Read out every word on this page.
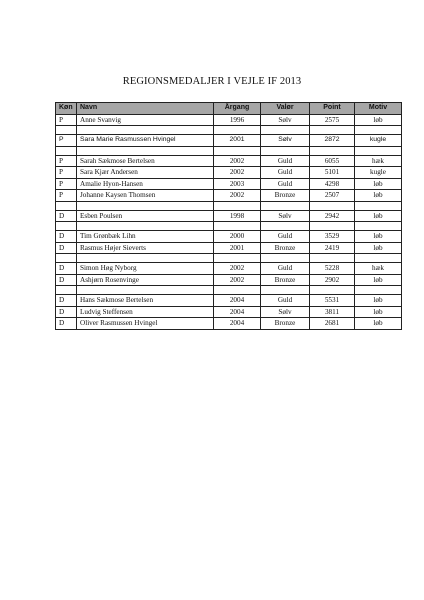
REGIONSMEDALJER I VEJLE IF 2013
Køn	Navn	Årgang	Valør	Point	Motiv
P	Anne Svanvig	1996	Sølv	2575	løb

P	Sara Marie Rasmussen Hvingel	2001	Sølv	2872	kugle

P	Sarah Sækmose Bertelsen	2002	Guld	6055	hæk
P	Sara Kjær Andersen	2002	Guld	5101	kugle
P	Amalie Hyon-Hansen	2003	Guld	4298	løb
P	Johanne Kaysen Thomsen	2002	Bronze	2507	løb

D	Esben Poulsen	1998	Sølv	2942	løb

D	Tim Grønbæk Lihn	2000	Guld	3529	løb
D	Rasmus Højer Sieverts	2001	Bronze	2419	løb

D	Simon Høg Nyborg	2002	Guld	5228	hæk
D	Ashjørn Rosenvinge	2002	Bronze	2902	løb

D	Hans Sækmose Bertelsen	2004	Guld	5531	løb
D	Ludvig Steffensen	2004	Sølv	3811	løb
D	Oliver Rasmussen Hvingel	2004	Bronze	2681	løb
